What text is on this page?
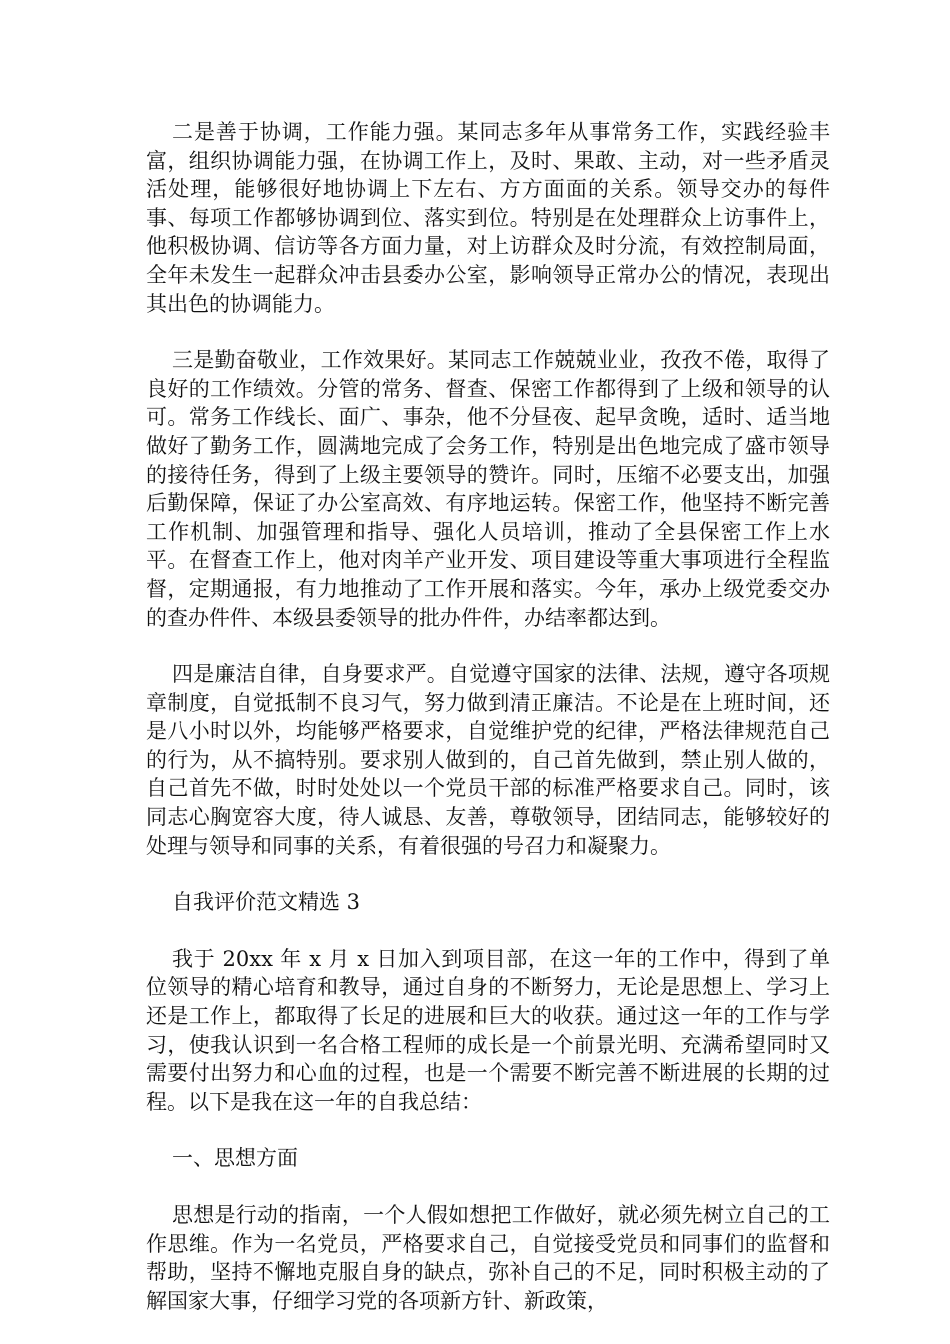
二是善于协调，工作能力强。某同志多年从事常务工作，实践经验丰富，组织协调能力强，在协调工作上，及时、果敢、主动，对一些矛盾灵活处理，能够很好地协调上下左右、方方面面的关系。领导交办的每件事、每项工作都够协调到位、落实到位。特别是在处理群众上访事件上，他积极协调、信访等各方面力量，对上访群众及时分流，有效控制局面，全年未发生一起群众冲击县委办公室，影响领导正常办公的情况，表现出其出色的协调能力。

三是勤奋敬业，工作效果好。某同志工作兢兢业业，孜孜不倦，取得了良好的工作绩效。分管的常务、督查、保密工作都得到了上级和领导的认可。常务工作线长、面广、事杂，他不分昼夜、起早贪晚，适时、适当地做好了勤务工作，圆满地完成了会务工作，特别是出色地完成了盛市领导的接待任务，得到了上级主要领导的赞许。同时，压缩不必要支出，加强后勤保障，保证了办公室高效、有序地运转。保密工作，他坚持不断完善工作机制、加强管理和指导、强化人员培训，推动了全县保密工作上水平。在督查工作上，他对肉羊产业开发、项目建设等重大事项进行全程监督，定期通报，有力地推动了工作开展和落实。今年，承办上级党委交办的查办件件、本级县委领导的批办件件，办结率都达到。

四是廉洁自律，自身要求严。自觉遵守国家的法律、法规，遵守各项规章制度，自觉抵制不良习气，努力做到清正廉洁。不论是在上班时间，还是八小时以外，均能够严格要求，自觉维护党的纪律，严格法律规范自己的行为，从不搞特别。要求别人做到的，自己首先做到，禁止别人做的，自己首先不做，时时处处以一个党员干部的标准严格要求自己。同时，该同志心胸宽容大度，待人诚恳、友善，尊敬领导，团结同志，能够较好的处理与领导和同事的关系，有着很强的号召力和凝聚力。

自我评价范文精选 3

我于 20xx 年 x 月 x 日加入到项目部，在这一年的工作中，得到了单位领导的精心培育和教导，通过自身的不断努力，无论是思想上、学习上还是工作上，都取得了长足的进展和巨大的收获。通过这一年的工作与学习，使我认识到一名合格工程师的成长是一个前景光明、充满希望同时又需要付出努力和心血的过程，也是一个需要不断完善不断进展的长期的过程。以下是我在这一年的自我总结：

一、思想方面

思想是行动的指南，一个人假如想把工作做好，就必须先树立自己的工作思维。作为一名党员，严格要求自己，自觉接受党员和同事们的监督和帮助，坚持不懈地克服自身的缺点，弥补自己的不足，同时积极主动的了解国家大事，仔细学习党的各项新方针、新政策，
